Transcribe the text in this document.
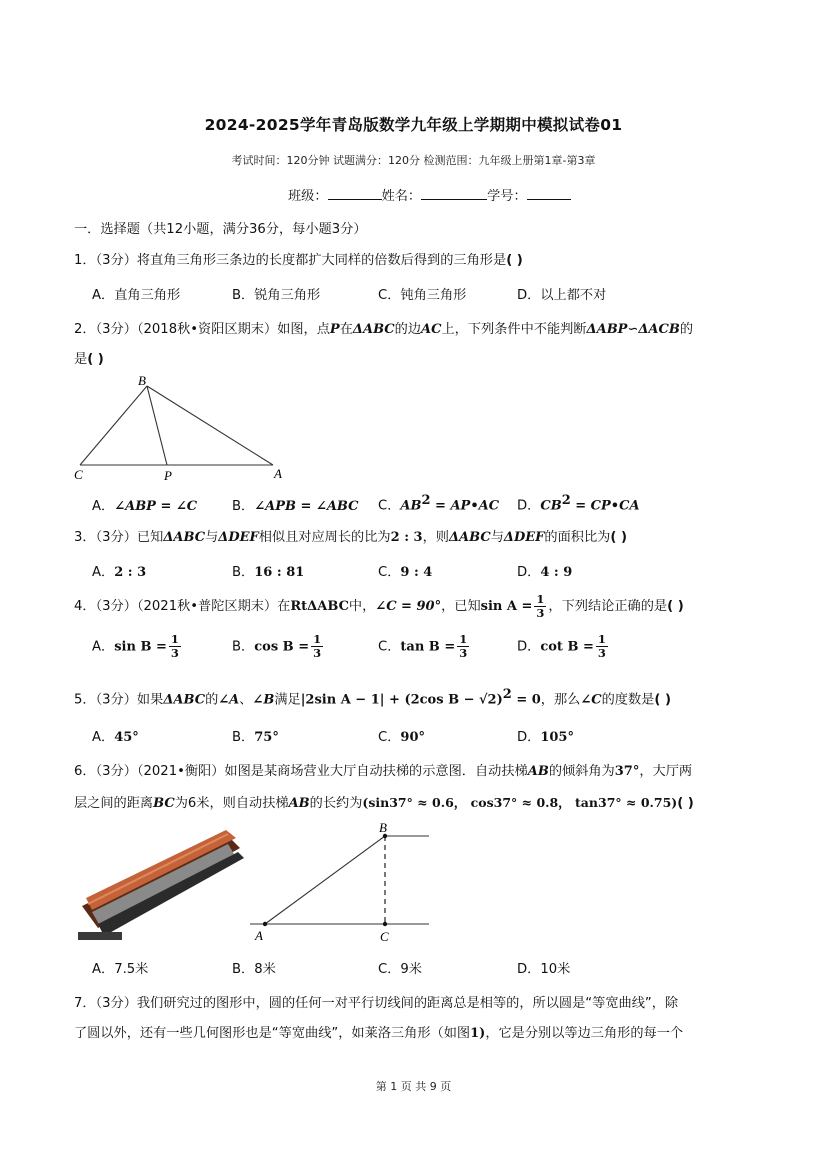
2024-2025学年青岛版数学九年级上学期期中模拟试卷01
考试时间：120分钟 试题满分：120分 检测范围：九年级上册第1章-第3章
班级：	姓名：	学号：
一．选择题（共12小题，满分36分，每小题3分）
1．（3分）将直角三角形三条边的长度都扩大同样的倍数后得到的三角形是( )
A．直角三角形	B．锐角三角形	C．钝角三角形	D．以上都不对
2．（3分）（2018秋•资阳区期末）如图，点P在ΔABC的边AC上，下列条件中不能判断ΔABP∽ΔACB的
是( )
B
C	P	A
A．∠ABP = ∠C	B．∠APB = ∠ABC C．$AB^2$ = AP•AC D．$CB^2$ = CP•CA
3．（3分）已知ΔABC与ΔDEF相似且对应周长的比为2 : 3，则ΔABC与ΔDEF的面积比为( )
A．2 : 3	B．16 : 81	C．9 : 4	D．4 : 9
4．（3分）（2021秋•普陀区期末）在RtΔABC中，∠C = 90°，已知$\sin A = \frac{1}{3}$ ，下列结论正确的是( )
A．$\sin B = \frac{1}{3}$	B．$\cos B = \frac{1}{3}$	C．$\tan B = \frac{1}{3}$	D．$\cot B = \frac{1}{3}$
5．（3分）如果ΔABC的∠A、∠B满足|2sin A − 1| + (2cos B − √2)$^2$ = 0，那么∠C的度数是( )
A．45°	B．75°	C．90°	D．105°
6．（3分）（2021•衡阳）如图是某商场营业大厅自动扶梯的示意图．自动扶梯AB的倾斜角为37°，大厅两
层之间的距离BC为6米，则自动扶梯AB的长约为(sin37° ≈ 0.6， cos37° ≈ 0.8， tan37° ≈ 0.75)( )
B
A	C
A．7.5米	B．8米	C．9米	D．10米
7．（3分）我们研究过的图形中，圆的任何一对平行切线间的距离总是相等的，所以圆是“等宽曲线”，除
了圆以外，还有一些几何图形也是“等宽曲线”，如莱洛三角形（如图1)，它是分别以等边三角形的每一个
第 1 页 共 9 页
